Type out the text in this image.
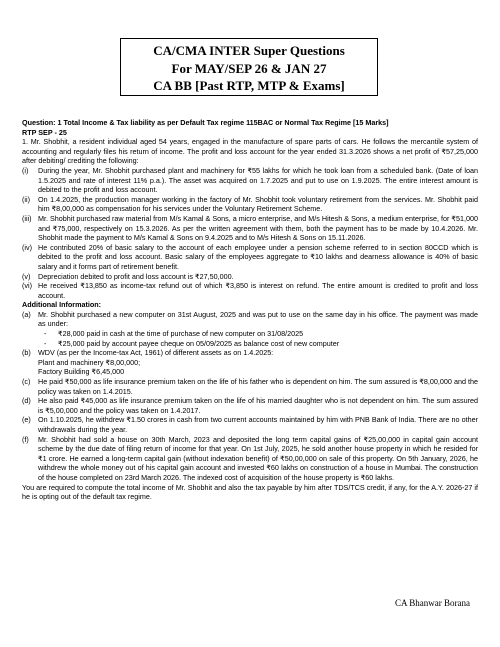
CA/CMA INTER Super Questions
For MAY/SEP 26 & JAN 27
CA BB [Past RTP, MTP & Exams]

Question: 1 Total Income & Tax liability as per Default Tax regime 115BAC or Normal Tax Regime [15 Marks]

RTP SEP - 25

1. Mr. Shobhit, a resident individual aged 54 years, engaged in the manufacture of spare parts of cars. He follows the mercantile system of accounting and regularly files his return of income. The profit and loss account for the year ended 31.3.2026 shows a net profit of ₹57,25,000 after debiting/ crediting the following:

(i)	During the year, Mr. Shobhit purchased plant and machinery for ₹55 lakhs for which he took loan from a scheduled bank. (Date of loan 1.5.2025 and rate of interest 11% p.a.). The asset was acquired on 1.7.2025 and put to use on 1.9.2025. The entire interest amount is debited to the profit and loss account.
(ii)	On 1.4.2025, the production manager working in the factory of Mr. Shobhit took voluntary retirement from the services. Mr. Shobhit paid him ₹8,00,000 as compensation for his services under the Voluntary Retirement Scheme.
(iii) Mr. Shobhit purchased raw material from M/s Kamal & Sons, a micro enterprise, and M/s Hitesh & Sons, a medium enterprise, for ₹51,000 and ₹75,000, respectively on 15.3.2026. As per the written agreement with them, both the payment has to be made by 10.4.2026. Mr. Shobhit made the payment to M/s Kamal & Sons on 9.4.2025 and to M/s Hitesh & Sons on 15.11.2026.
(iv) He contributed 20% of basic salary to the account of each employee under a pension scheme referred to in section 80CCD which is debited to the profit and loss account. Basic salary of the employees aggregate to ₹10 lakhs and dearness allowance is 40% of basic salary and it forms part of retirement benefit.
(v)	Depreciation debited to profit and loss account is ₹27,50,000.
(vi) He received ₹13,850 as income-tax refund out of which ₹3,850 is interest on refund. The entire amount is credited to profit and loss account.

Additional Information:

(a)	Mr. Shobhit purchased a new computer on 31st August, 2025 and was put to use on the same day in his office. The payment was made as under:
-	₹28,000 paid in cash at the time of purchase of new computer on 31/08/2025
-	₹25,000 paid by account payee cheque on 05/09/2025 as balance cost of new computer
(b)	WDV (as per the Income-tax Act, 1961) of different assets as on 1.4.2025:

Plant and machinery ₹8,00,000;

Factory Building ₹6,45,000

(c)	He paid ₹50,000 as life insurance premium taken on the life of his father who is dependent on him. The sum assured is ₹8,00,000 and the policy was taken on 1.4.2015.
(d)	He also paid ₹45,000 as life insurance premium taken on the life of his married daughter who is not dependent on him. The sum assured is ₹5,00,000 and the policy was taken on 1.4.2017.
(e)	On 1.10.2025, he withdrew ₹1.50 crores in cash from two current accounts maintained by him with PNB Bank of India. There are no other withdrawals during the year.
(f)	Mr. Shobhit had sold a house on 30th March, 2023 and deposited the long term capital gains of ₹25,00,000 in capital gain account scheme by the due date of filing return of income for that year. On 1st July, 2025, he sold another house property in which he resided for ₹1 crore. He earned a long-term capital gain (without indexation benefit) of ₹50,00,000 on sale of this property. On 5th January, 2026, he withdrew the whole money out of his capital gain account and invested ₹60 lakhs on construction of a house in Mumbai. The construction of the house completed on 23rd March 2026. The indexed cost of acquisition of the house property is ₹60 lakhs.

You are required to compute the total income of Mr. Shobhit and also the tax payable by him after TDS/TCS credit, if any, for the A.Y. 2026-27 if he is opting out of the default tax regime.

CA Bhanwar Borana
